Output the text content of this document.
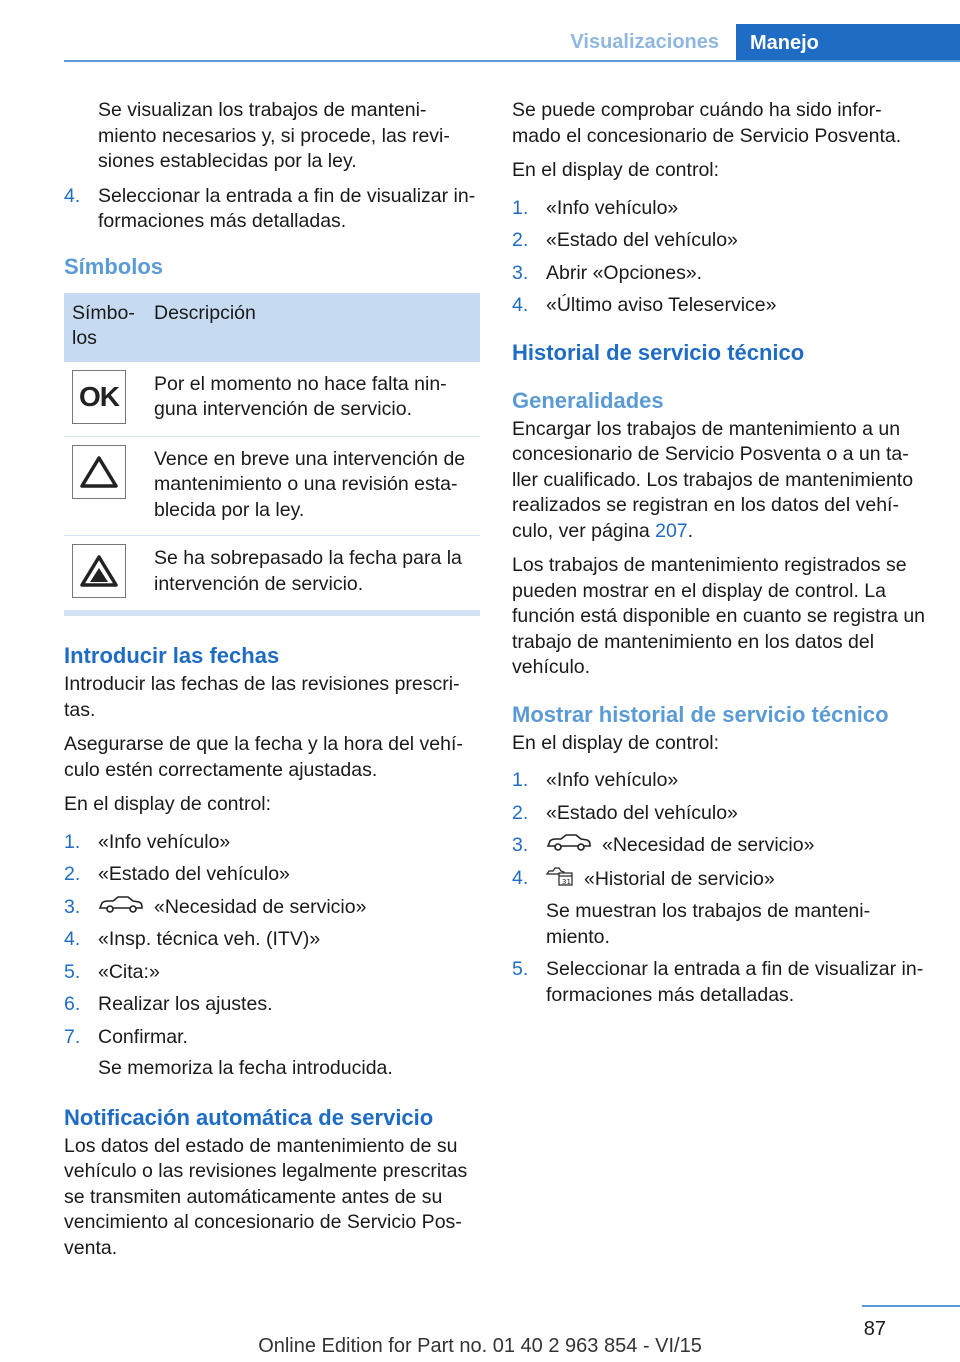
Visualizaciones	Manejo

Se visualizan los trabajos de manteni-miento necesarios y, si procede, las revi-siones establecidas por la ley.

4. Seleccionar la entrada a fin de visualizar in-formaciones más detalladas.
Símbolos
Símbo-los	Descripción

OK	Por el momento no hace falta nin-guna intervención de servicio.

	Vence en breve una intervención de mantenimiento o una revisión esta-blecida por la ley.

	Se ha sobrepasado la fecha para la intervención de servicio.
Introducir las fechas

Introducir las fechas de las revisiones prescri-tas.

Asegurarse de que la fecha y la hora del vehí-culo estén correctamente ajustadas.

En el display de control:

1. «Info vehículo»
2. «Estado del vehículo»
3.	«Necesidad de servicio»
4. «Insp. técnica veh. (ITV)»
5. «Cita:»
6. Realizar los ajustes.
7. Confirmar.
Se memoriza la fecha introducida.
Notificación automática de servicio

Los datos del estado de mantenimiento de su vehículo o las revisiones legalmente prescritas se transmiten automáticamente antes de su vencimiento al concesionario de Servicio Pos-venta.

Se puede comprobar cuándo ha sido infor-mado el concesionario de Servicio Posventa.

En el display de control:

1. «Info vehículo»
2. «Estado del vehículo»
3. Abrir «Opciones».
4. «Último aviso Teleservice»
Historial de servicio técnico
Generalidades

Encargar los trabajos de mantenimiento a un concesionario de Servicio Posventa o a un ta-ller cualificado. Los trabajos de mantenimiento realizados se registran en los datos del vehí-culo, ver página 207.

Los trabajos de mantenimiento registrados se pueden mostrar en el display de control. La función está disponible en cuanto se registra un trabajo de mantenimiento en los datos del vehículo.

Mostrar historial de servicio técnico

En el display de control:

1. «Info vehículo»
2. «Estado del vehículo»
3.	«Necesidad de servicio»
4.	31 «Historial de servicio»
Se muestran los trabajos de manteni-miento.
5. Seleccionar la entrada a fin de visualizar in-formaciones más detalladas.
87
Online Edition for Part no. 01 40 2 963 854 - VI/15
